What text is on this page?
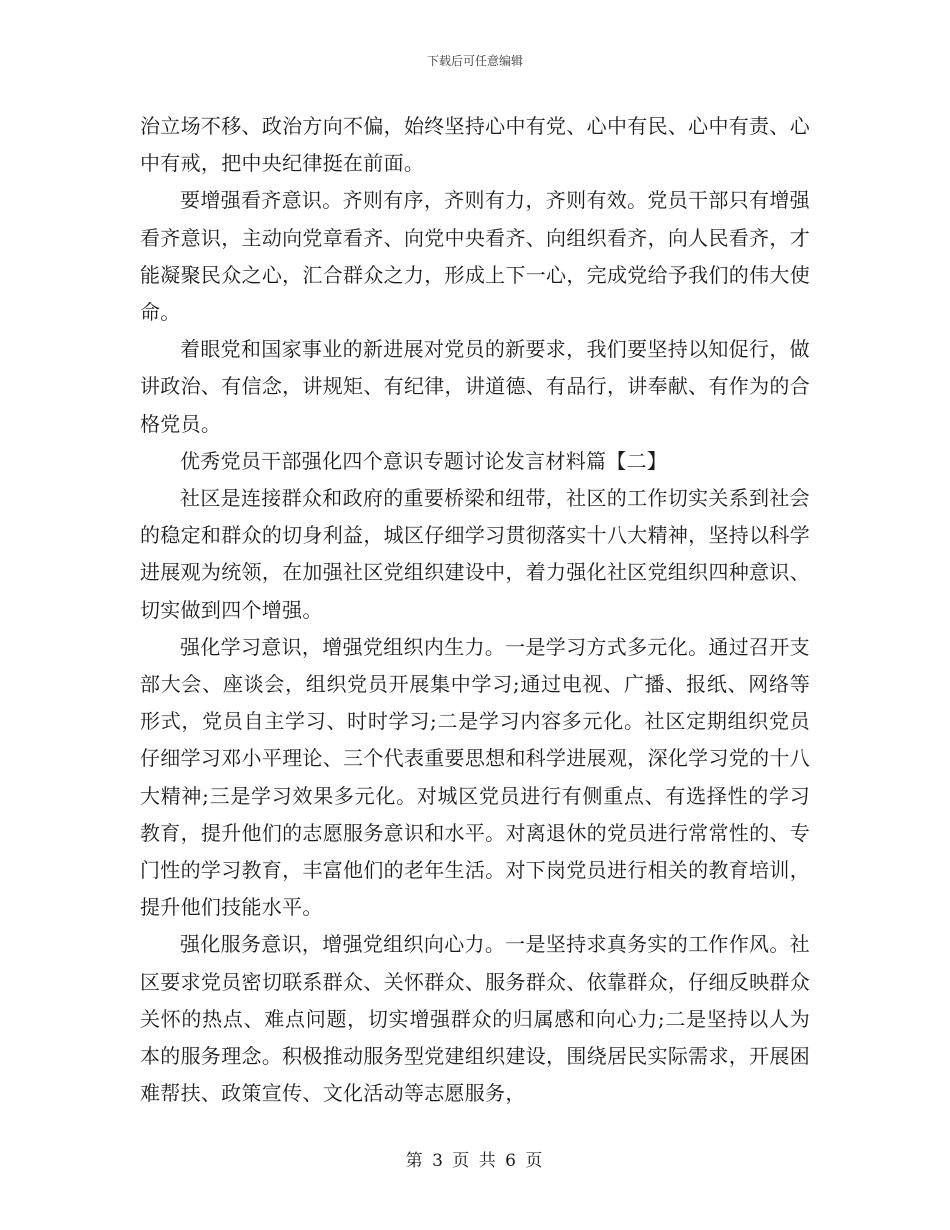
下载后可任意编辑

治立场不移、政治方向不偏，始终坚持心中有党、心中有民、心中有责、心中有戒，把中央纪律挺在前面。

要增强看齐意识。齐则有序，齐则有力，齐则有效。党员干部只有增强看齐意识，主动向党章看齐、向党中央看齐、向组织看齐，向人民看齐，才能凝聚民众之心，汇合群众之力，形成上下一心，完成党给予我们的伟大使命。

着眼党和国家事业的新进展对党员的新要求，我们要坚持以知促行，做讲政治、有信念，讲规矩、有纪律，讲道德、有品行，讲奉献、有作为的合格党员。

优秀党员干部强化四个意识专题讨论发言材料篇【二】

社区是连接群众和政府的重要桥梁和纽带，社区的工作切实关系到社会的稳定和群众的切身利益，城区仔细学习贯彻落实十八大精神，坚持以科学进展观为统领，在加强社区党组织建设中，着力强化社区党组织四种意识、切实做到四个增强。

强化学习意识，增强党组织内生力。一是学习方式多元化。通过召开支部大会、座谈会，组织党员开展集中学习;通过电视、广播、报纸、网络等形式，党员自主学习、时时学习;二是学习内容多元化。社区定期组织党员仔细学习邓小平理论、三个代表重要思想和科学进展观，深化学习党的十八大精神;三是学习效果多元化。对城区党员进行有侧重点、有选择性的学习教育，提升他们的志愿服务意识和水平。对离退休的党员进行常常性的、专门性的学习教育，丰富他们的老年生活。对下岗党员进行相关的教育培训，提升他们技能水平。

强化服务意识，增强党组织向心力。一是坚持求真务实的工作作风。社区要求党员密切联系群众、关怀群众、服务群众、依靠群众，仔细反映群众关怀的热点、难点问题，切实增强群众的归属感和向心力;二是坚持以人为本的服务理念。积极推动服务型党建组织建设，围绕居民实际需求，开展困难帮扶、政策宣传、文化活动等志愿服务，

第 3 页 共 6 页
